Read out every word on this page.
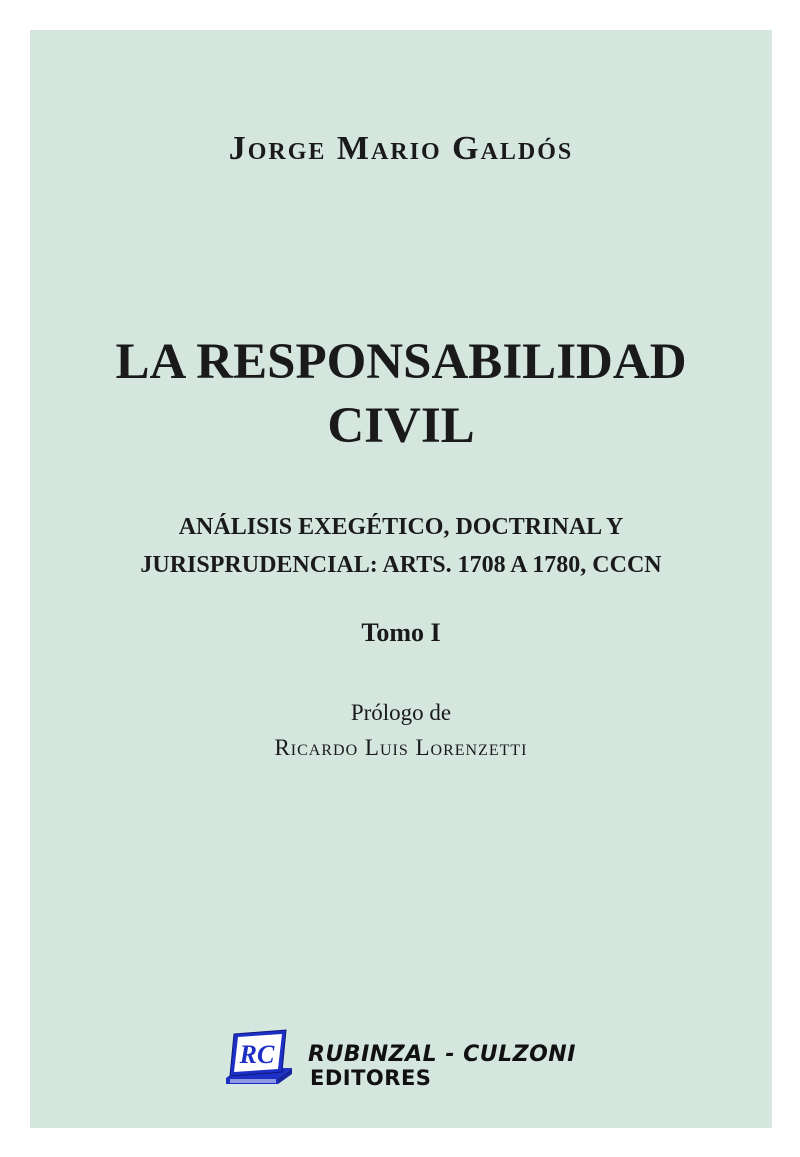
Jorge Mario Galdós
LA RESPONSABILIDAD
CIVIL
ANÁLISIS EXEGÉTICO, DOCTRINAL Y
JURISPRUDENCIAL: ARTS. 1708 A 1780, CCCN
Tomo I
Prólogo de
Ricardo Luis Lorenzetti
RC RUBINZAL - CULZONI
EDITORES
